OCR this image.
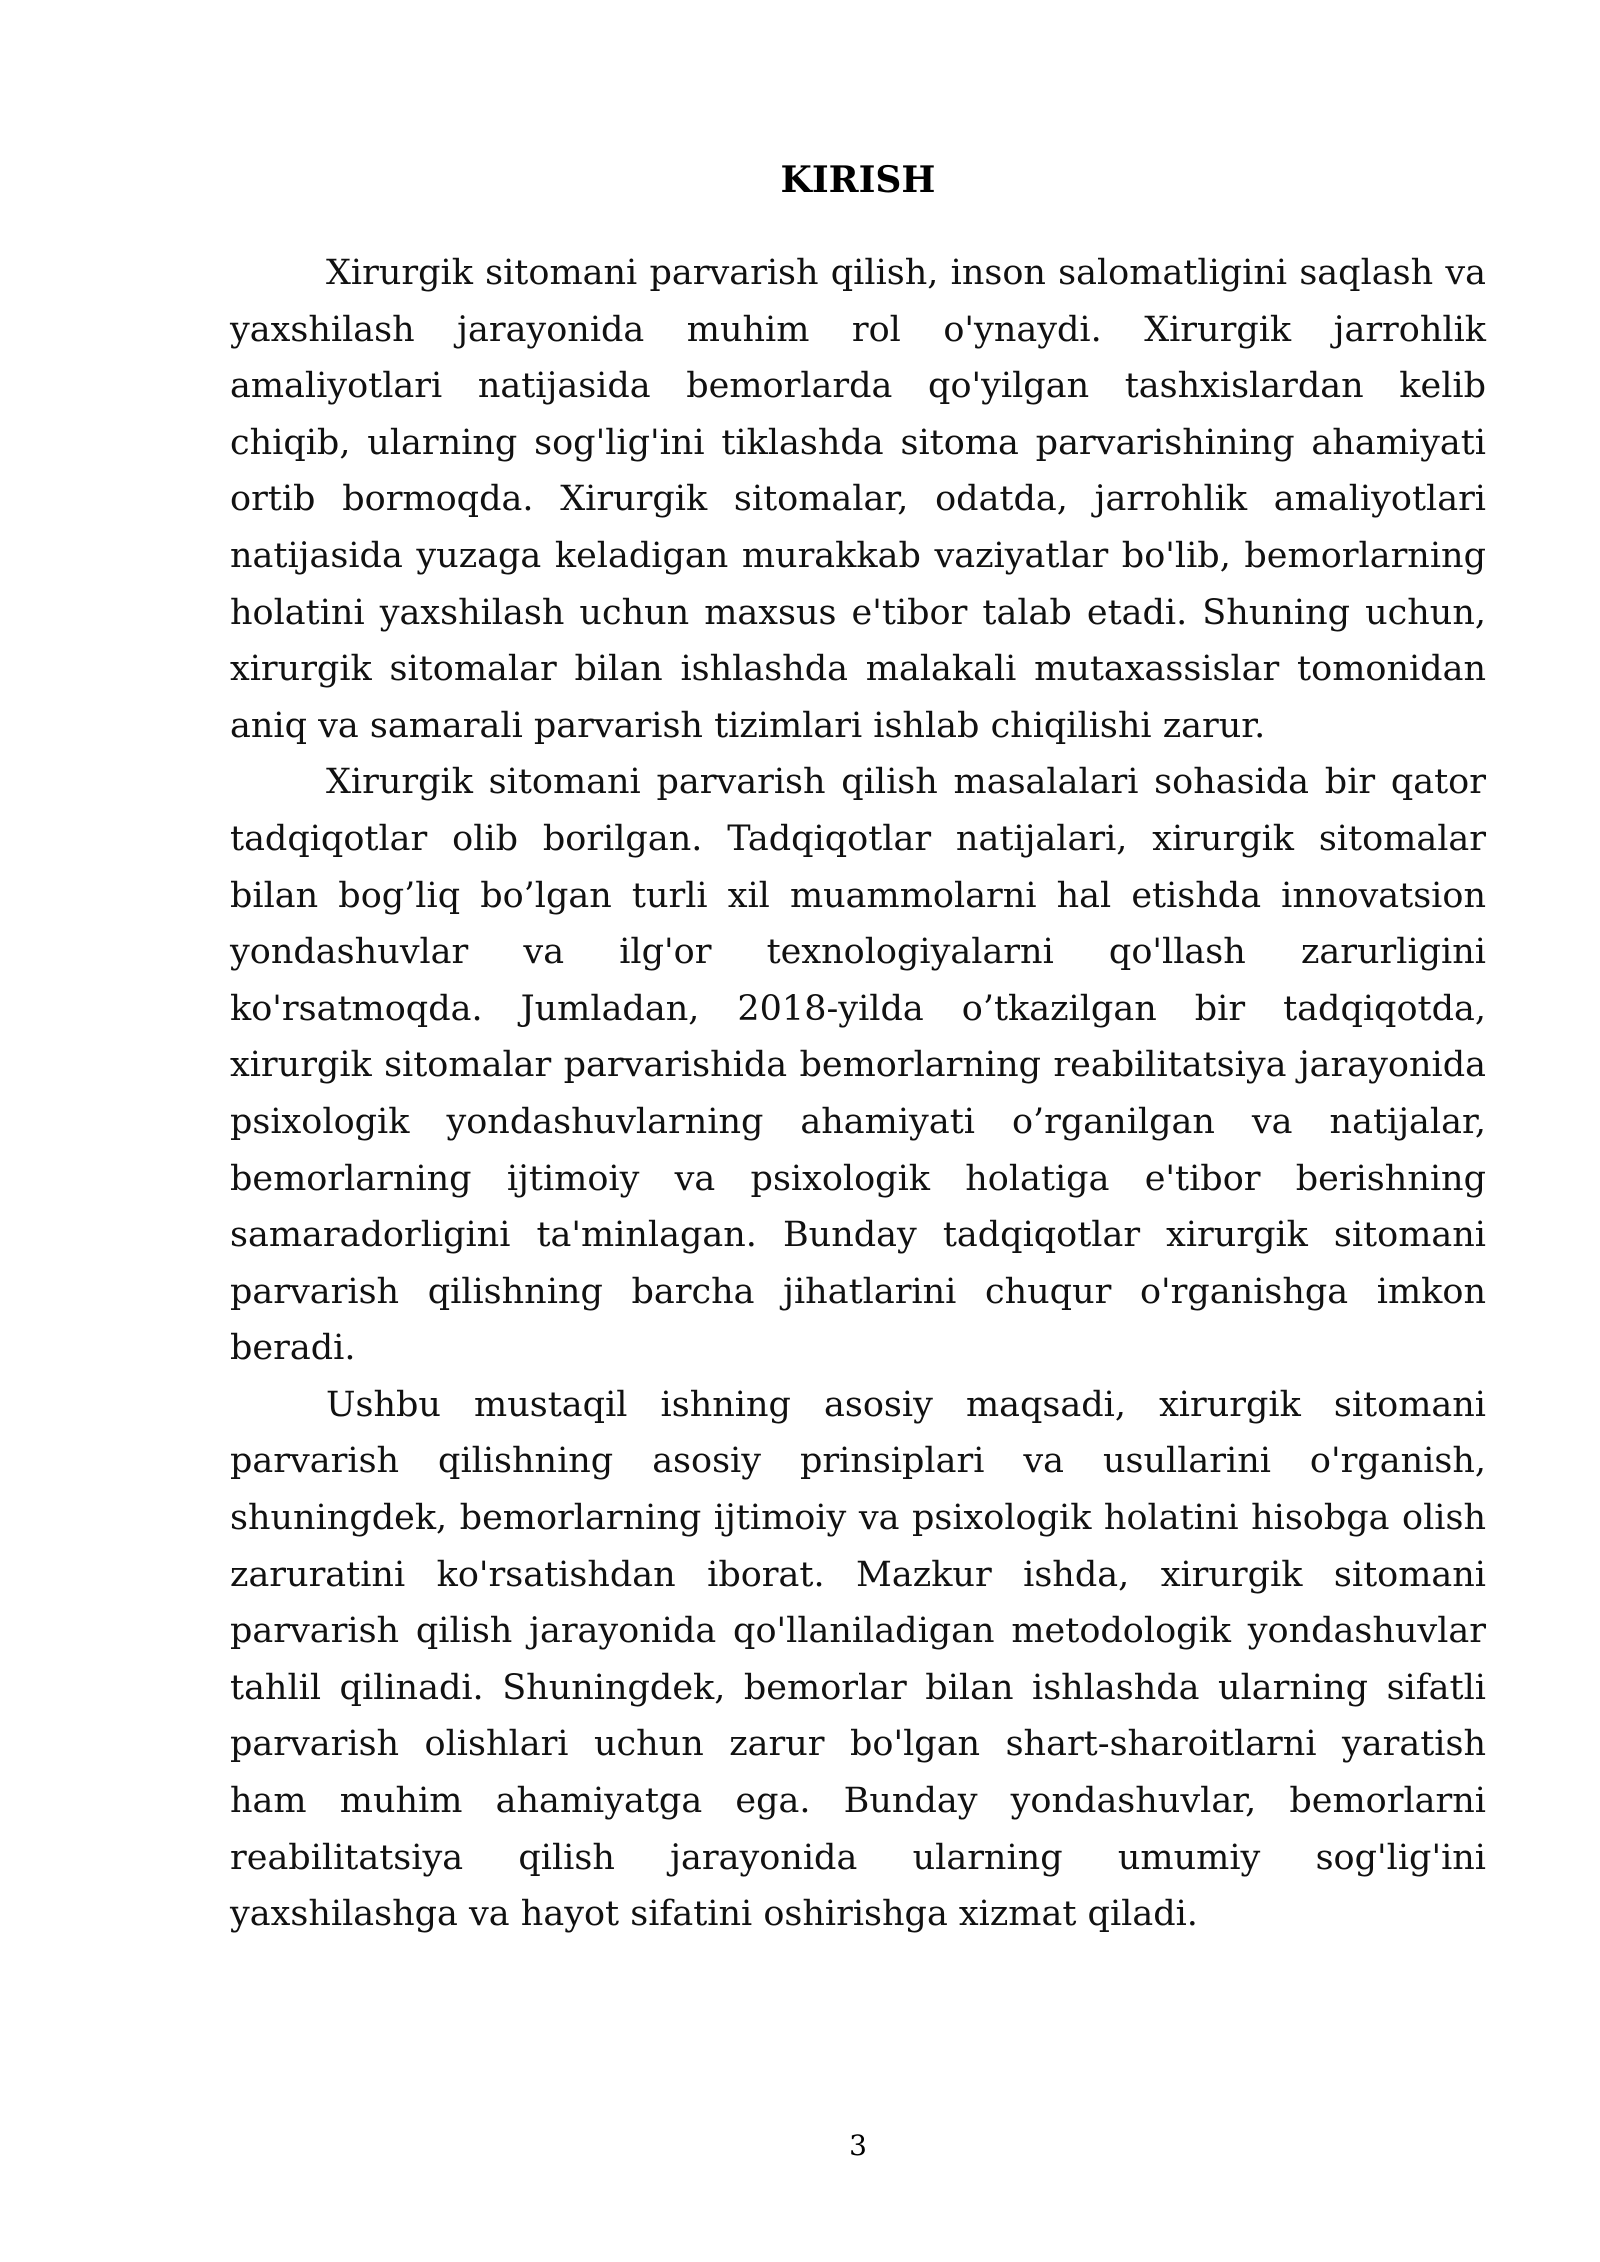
KIRISH

Xirurgik sitomani parvarish qilish, inson salomatligini saqlash va yaxshilash jarayonida muhim rol o'ynaydi. Xirurgik jarrohlik amaliyotlari natijasida bemorlarda qo'yilgan tashxislardan kelib chiqib, ularning sog'lig'ini tiklashda sitoma parvarishining ahamiyati ortib bormoqda. Xirurgik sitomalar, odatda, jarrohlik amaliyotlari natijasida yuzaga keladigan murakkab vaziyatlar bo'lib, bemorlarning holatini yaxshilash uchun maxsus e'tibor talab etadi. Shuning uchun, xirurgik sitomalar bilan ishlashda malakali mutaxassislar tomonidan aniq va samarali parvarish tizimlari ishlab chiqilishi zarur.

Xirurgik sitomani parvarish qilish masalalari sohasida bir qator tadqiqotlar olib borilgan. Tadqiqotlar natijalari, xirurgik sitomalar bilan bog’liq bo’lgan turli xil muammolarni hal etishda innovatsion yondashuvlar va ilg'or texnologiyalarni qo'llash zarurligini ko'rsatmoqda. Jumladan, 2018-yilda o’tkazilgan bir tadqiqotda, xirurgik sitomalar parvarishida bemorlarning reabilitatsiya jarayonida psixologik yondashuvlarning ahamiyati o’rganilgan va natijalar, bemorlarning ijtimoiy va psixologik holatiga e'tibor berishning samaradorligini ta'minlagan. Bunday tadqiqotlar xirurgik sitomani parvarish qilishning barcha jihatlarini chuqur o'rganishga imkon beradi.

Ushbu mustaqil ishning asosiy maqsadi, xirurgik sitomani parvarish qilishning asosiy prinsiplari va usullarini o'rganish, shuningdek, bemorlarning ijtimoiy va psixologik holatini hisobga olish zaruratini ko'rsatishdan iborat. Mazkur ishda, xirurgik sitomani parvarish qilish jarayonida qo'llaniladigan metodologik yondashuvlar tahlil qilinadi. Shuningdek, bemorlar bilan ishlashda ularning sifatli parvarish olishlari uchun zarur bo'lgan shart-sharoitlarni yaratish ham muhim ahamiyatga ega. Bunday yondashuvlar, bemorlarni reabilitatsiya qilish jarayonida ularning umumiy sog'lig'ini yaxshilashga va hayot sifatini oshirishga xizmat qiladi.

3
